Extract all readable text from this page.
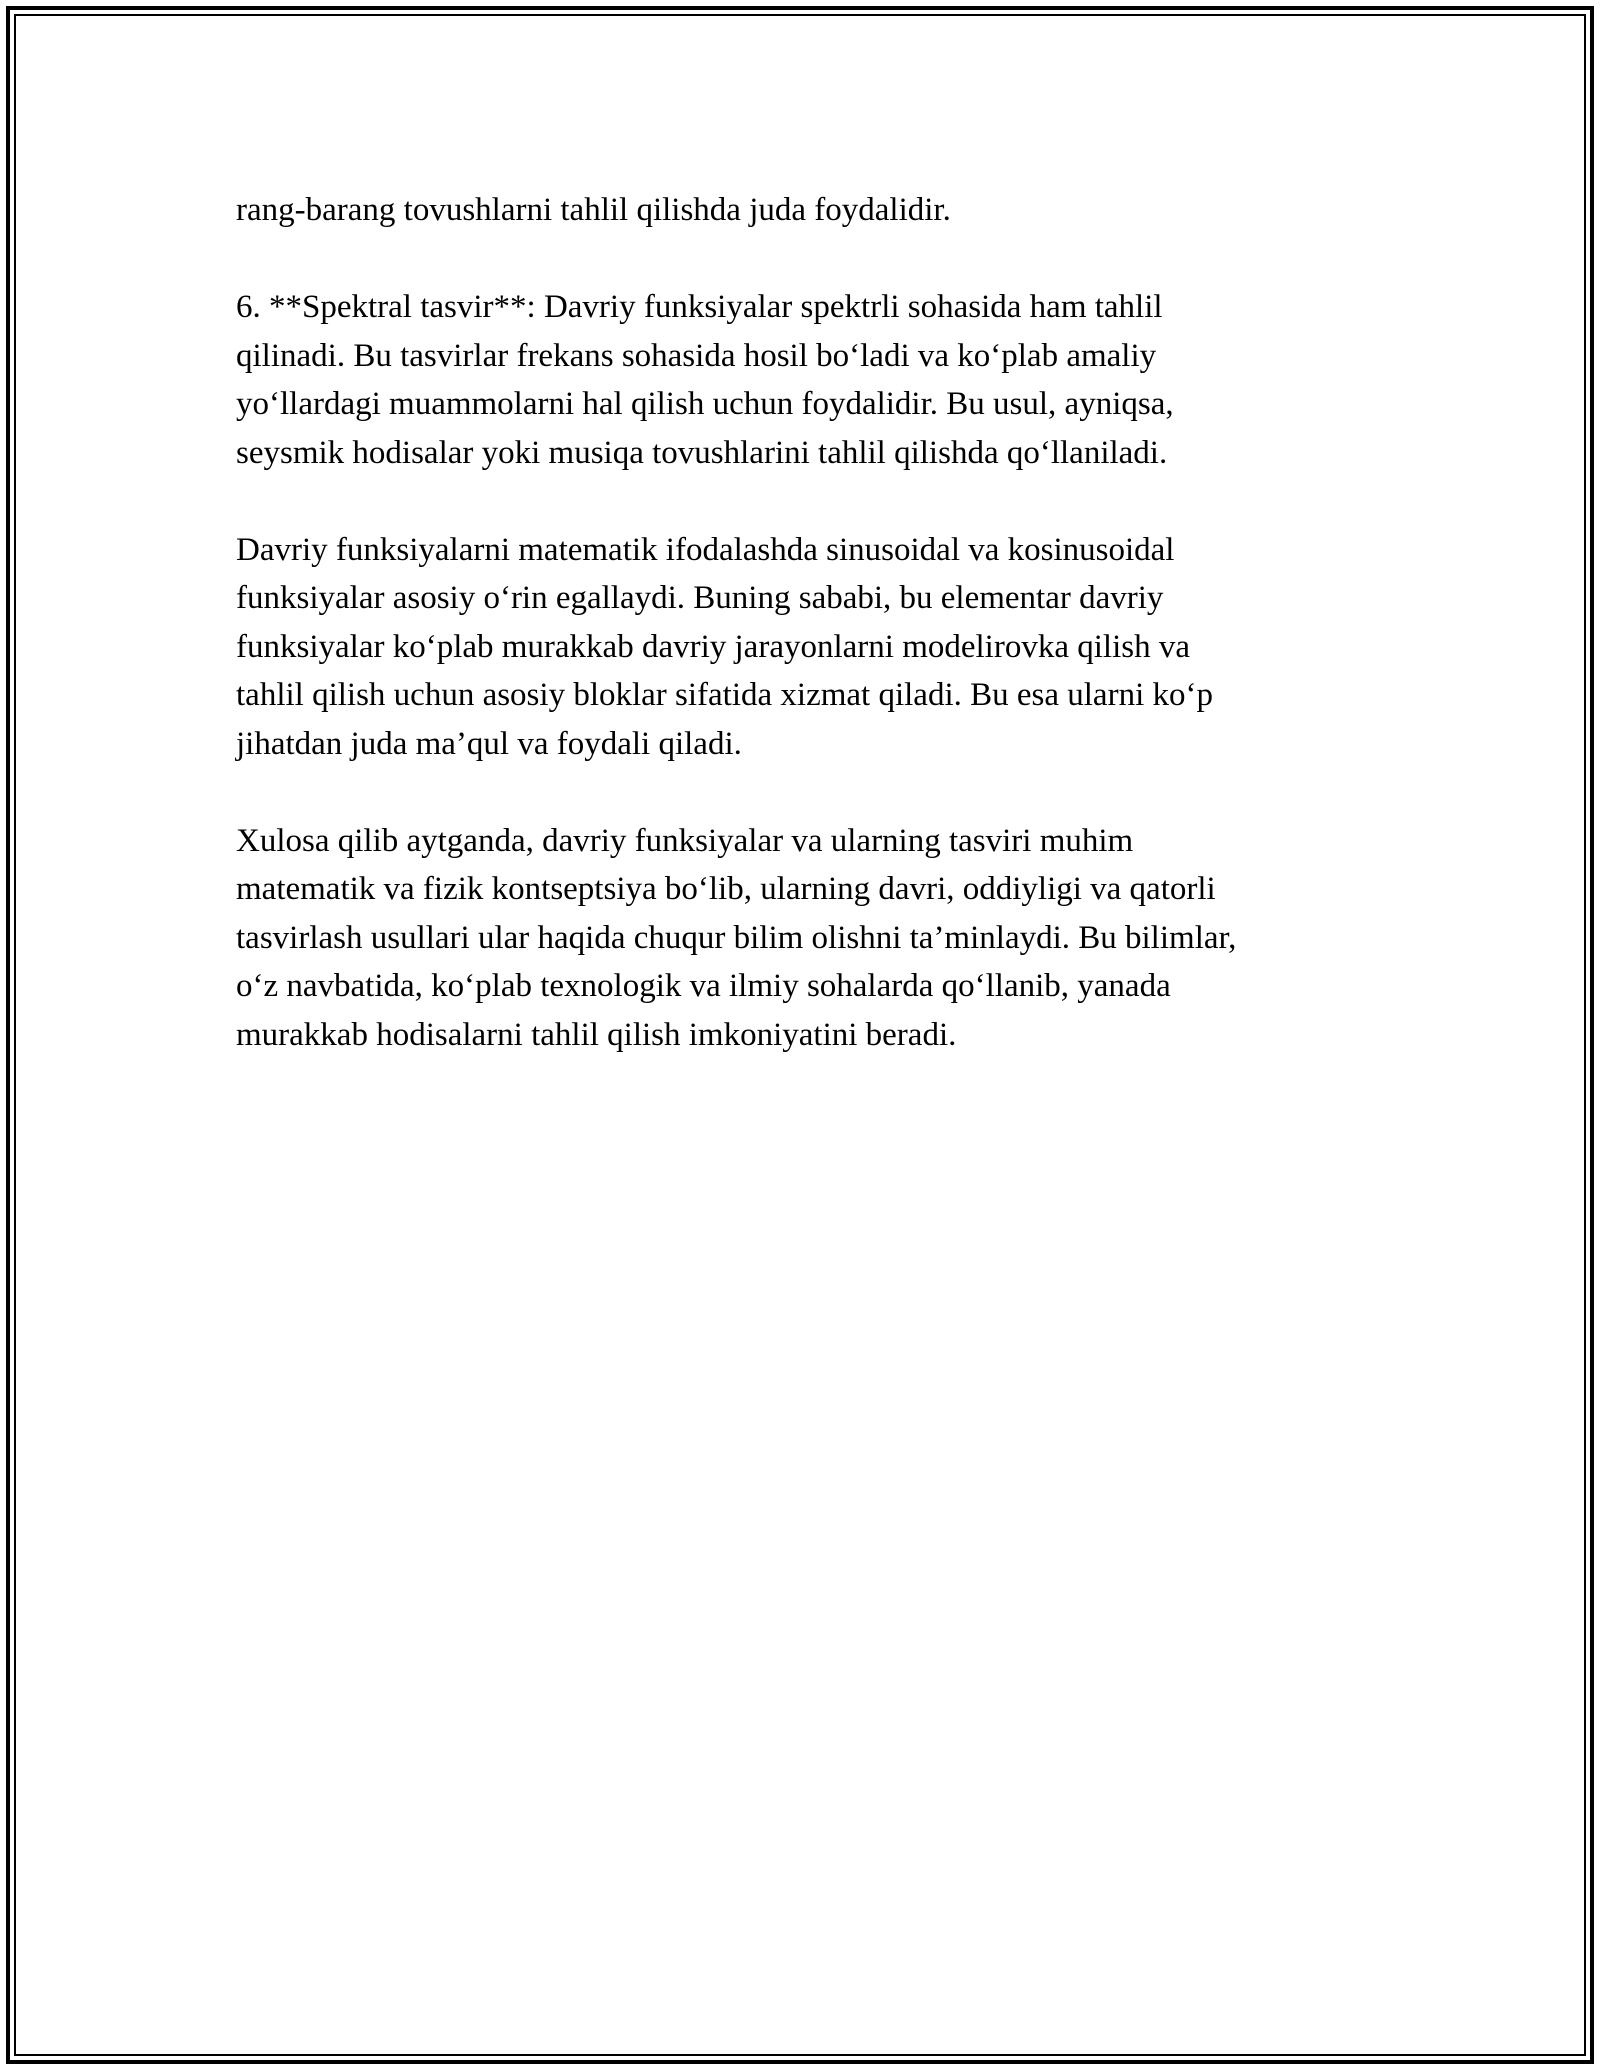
rang-barang tovushlarni tahlil qilishda juda foydalidir.

6. **Spektral tasvir**: Davriy funksiyalar spektrli sohasida ham tahlil
qilinadi. Bu tasvirlar frekans sohasida hosil bo‘ladi va ko‘plab amaliy
yo‘llardagi muammolarni hal qilish uchun foydalidir. Bu usul, ayniqsa,
seysmik hodisalar yoki musiqa tovushlarini tahlil qilishda qo‘llaniladi.

Davriy funksiyalarni matematik ifodalashda sinusoidal va kosinusoidal
funksiyalar asosiy o‘rin egallaydi. Buning sababi, bu elementar davriy
funksiyalar ko‘plab murakkab davriy jarayonlarni modelirovka qilish va
tahlil qilish uchun asosiy bloklar sifatida xizmat qiladi. Bu esa ularni ko‘p
jihatdan juda ma’qul va foydali qiladi.

Xulosa qilib aytganda, davriy funksiyalar va ularning tasviri muhim
matematik va fizik kontseptsiya bo‘lib, ularning davri, oddiyligi va qatorli
tasvirlash usullari ular haqida chuqur bilim olishni ta’minlaydi. Bu bilimlar,
o‘z navbatida, ko‘plab texnologik va ilmiy sohalarda qo‘llanib, yanada
murakkab hodisalarni tahlil qilish imkoniyatini beradi.
